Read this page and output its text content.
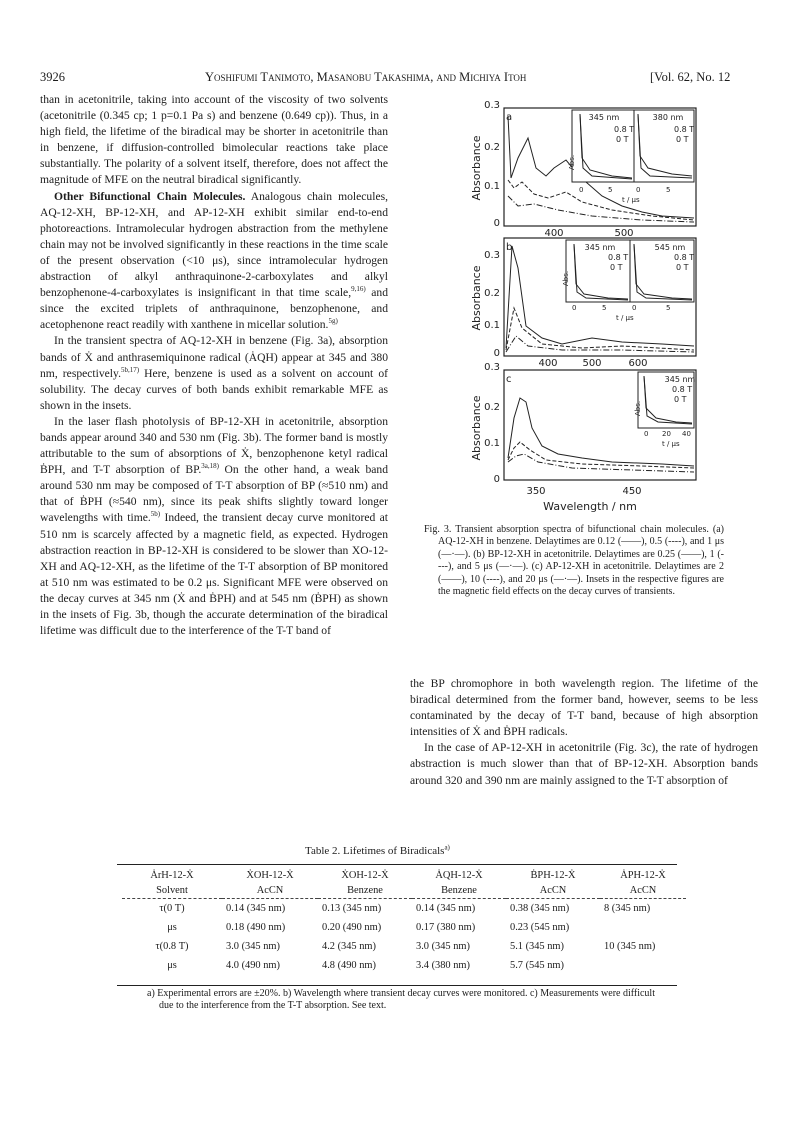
3926	Yoshifumi Tanimoto, Masanobu Takashima, and Michiya Itoh	[Vol. 62, No. 12

than in acetonitrile, taking into account of the viscosity of two solvents (acetonitrile (0.345 cp; 1 p=0.1 Pa s) and benzene (0.649 cp)). Thus, in a high field, the lifetime of the biradical may be shorter in acetonitrile than in benzene, if diffusion-controlled bimolecular reactions take place substantially. The polarity of a solvent itself, therefore, does not affect the magnitude of MFE on the neutral biradical significantly.

Other Bifunctional Chain Molecules. Analogous chain molecules, AQ-12-XH, BP-12-XH, and AP-12-XH exhibit similar end-to-end photoreactions. Intramolecular hydrogen abstraction from the methylene chain may not be involved significantly in these reactions in the time scale of the present observation (<10 μs), since intramolecular hydrogen abstraction of alkyl anthraquinone-2-carboxylates and alkyl benzophenone-4-carboxylates is insignificant in that time scale,$^{9,16)}$ and since the excited triplets of anthraquinone, benzophenone, and acetophenone react readily with xanthene in micellar solution.$^{5g)}$

In the transient spectra of AQ-12-XH in benzene (Fig. 3a), absorption bands of Ẋ and anthrasemiquinone radical (ȦQH) appear at 345 and 380 nm, respectively.$^{5b,17)}$ Here, benzene is used as a solvent on account of solubility. The decay curves of both bands exhibit remarkable MFE as shown in the insets.

In the laser flash photolysis of BP-12-XH in acetonitrile, absorption bands appear around 340 and 530 nm (Fig. 3b). The former band is mostly attributable to the sum of absorptions of Ẋ, benzophenone ketyl radical ḂPH, and T-T absorption of BP.$^{3a,18)}$ On the other hand, a weak band around 530 nm may be composed of T-T absorption of BP (≈510 nm) and that of ḂPH (≈540 nm), since its peak shifts slightly toward longer wavelengths with time.$^{5b)}$ Indeed, the transient decay curve monitored at 510 nm is scarcely affected by a magnetic field, as expected. Hydrogen abstraction reaction in BP-12-XH is considered to be slower than XO-12-XH and AQ-12-XH, as the lifetime of the T-T absorption of BP monitored at 510 nm was estimated to be 0.2 μs. Significant MFE were observed on the decay curves at 345 nm (Ẋ and ḂPH) and at 545 nm (ḂPH) as shown in the insets of Fig. 3b, though the accurate determination of the biradical lifetime was difficult due to the interference of the T-T band of

a
0.3
0.2
0.1
0
400	500
345 nm	380 nm
0.8 T
0 T
0.8 T
0 T
Abs.
0	5	0	5
t / μs
Absorbance
b
0.3
0.2
0.1
0
400 500	600
345 nm	545 nm
0.8 T
0 T
0.8 T
0 T
Abs.
0	5	0	5
t / μs
Absorbance
c
0.3
0.2
0.1
0
350	450
345 nm
0.8 T
0 T
Abs.
0 20 40
t / μs
Absorbance
Wavelength / nm

Fig. 3. Transient absorption spectra of bifunctional chain molecules. (a) AQ-12-XH in benzene. Delaytimes are 0.12 (——), 0.5 (----), and 1 μs (—·—). (b) BP-12-XH in acetonitrile. Delaytimes are 0.25 (——), 1 (----), and 5 μs (—·—). (c) AP-12-XH in acetonitrile. Delaytimes are 2 (——), 10 (----), and 20 μs (—·—). Insets in the respective figures are the magnetic field effects on the decay curves of transients.

the BP chromophore in both wavelength region. The lifetime of the biradical determined from the former band, however, seems to be less contaminated by the decay of T-T band, because of high absorption intensities of Ẋ and ḂPH radicals.

In the case of AP-12-XH in acetonitrile (Fig. 3c), the rate of hydrogen abstraction is much slower than that of BP-12-XH. Absorption bands around 320 and 390 nm are mainly assigned to the T-T absorption of

Table 2. Lifetimes of Biradicals$^{a)}$
ȦrH-12-Ẋ	ẊOH-12-Ẋ	ẊOH-12-Ẋ	ȦQH-12-Ẋ	ḂPH-12-Ẋ	ȦPH-12-Ẋ
Solvent	AcCN	Benzene	Benzene	AcCN	AcCN
τ(0 T)	0.14 (345 nm)	0.13 (345 nm)	0.14 (345 nm)	0.38 (345 nm)	8 (345 nm)
μs	0.18 (490 nm)	0.20 (490 nm)	0.17 (380 nm)	0.23 (545 nm)	
τ(0.8 T)	3.0 (345 nm)	4.2 (345 nm)	3.0 (345 nm)	5.1 (345 nm)	10 (345 nm)
μs	4.0 (490 nm)	4.8 (490 nm)	3.4 (380 nm)	5.7 (545 nm)	

a) Experimental errors are ±20%. b) Wavelength where transient decay curves were monitored. c) Measurements were difficult due to the interference from the T-T absorption. See text.
